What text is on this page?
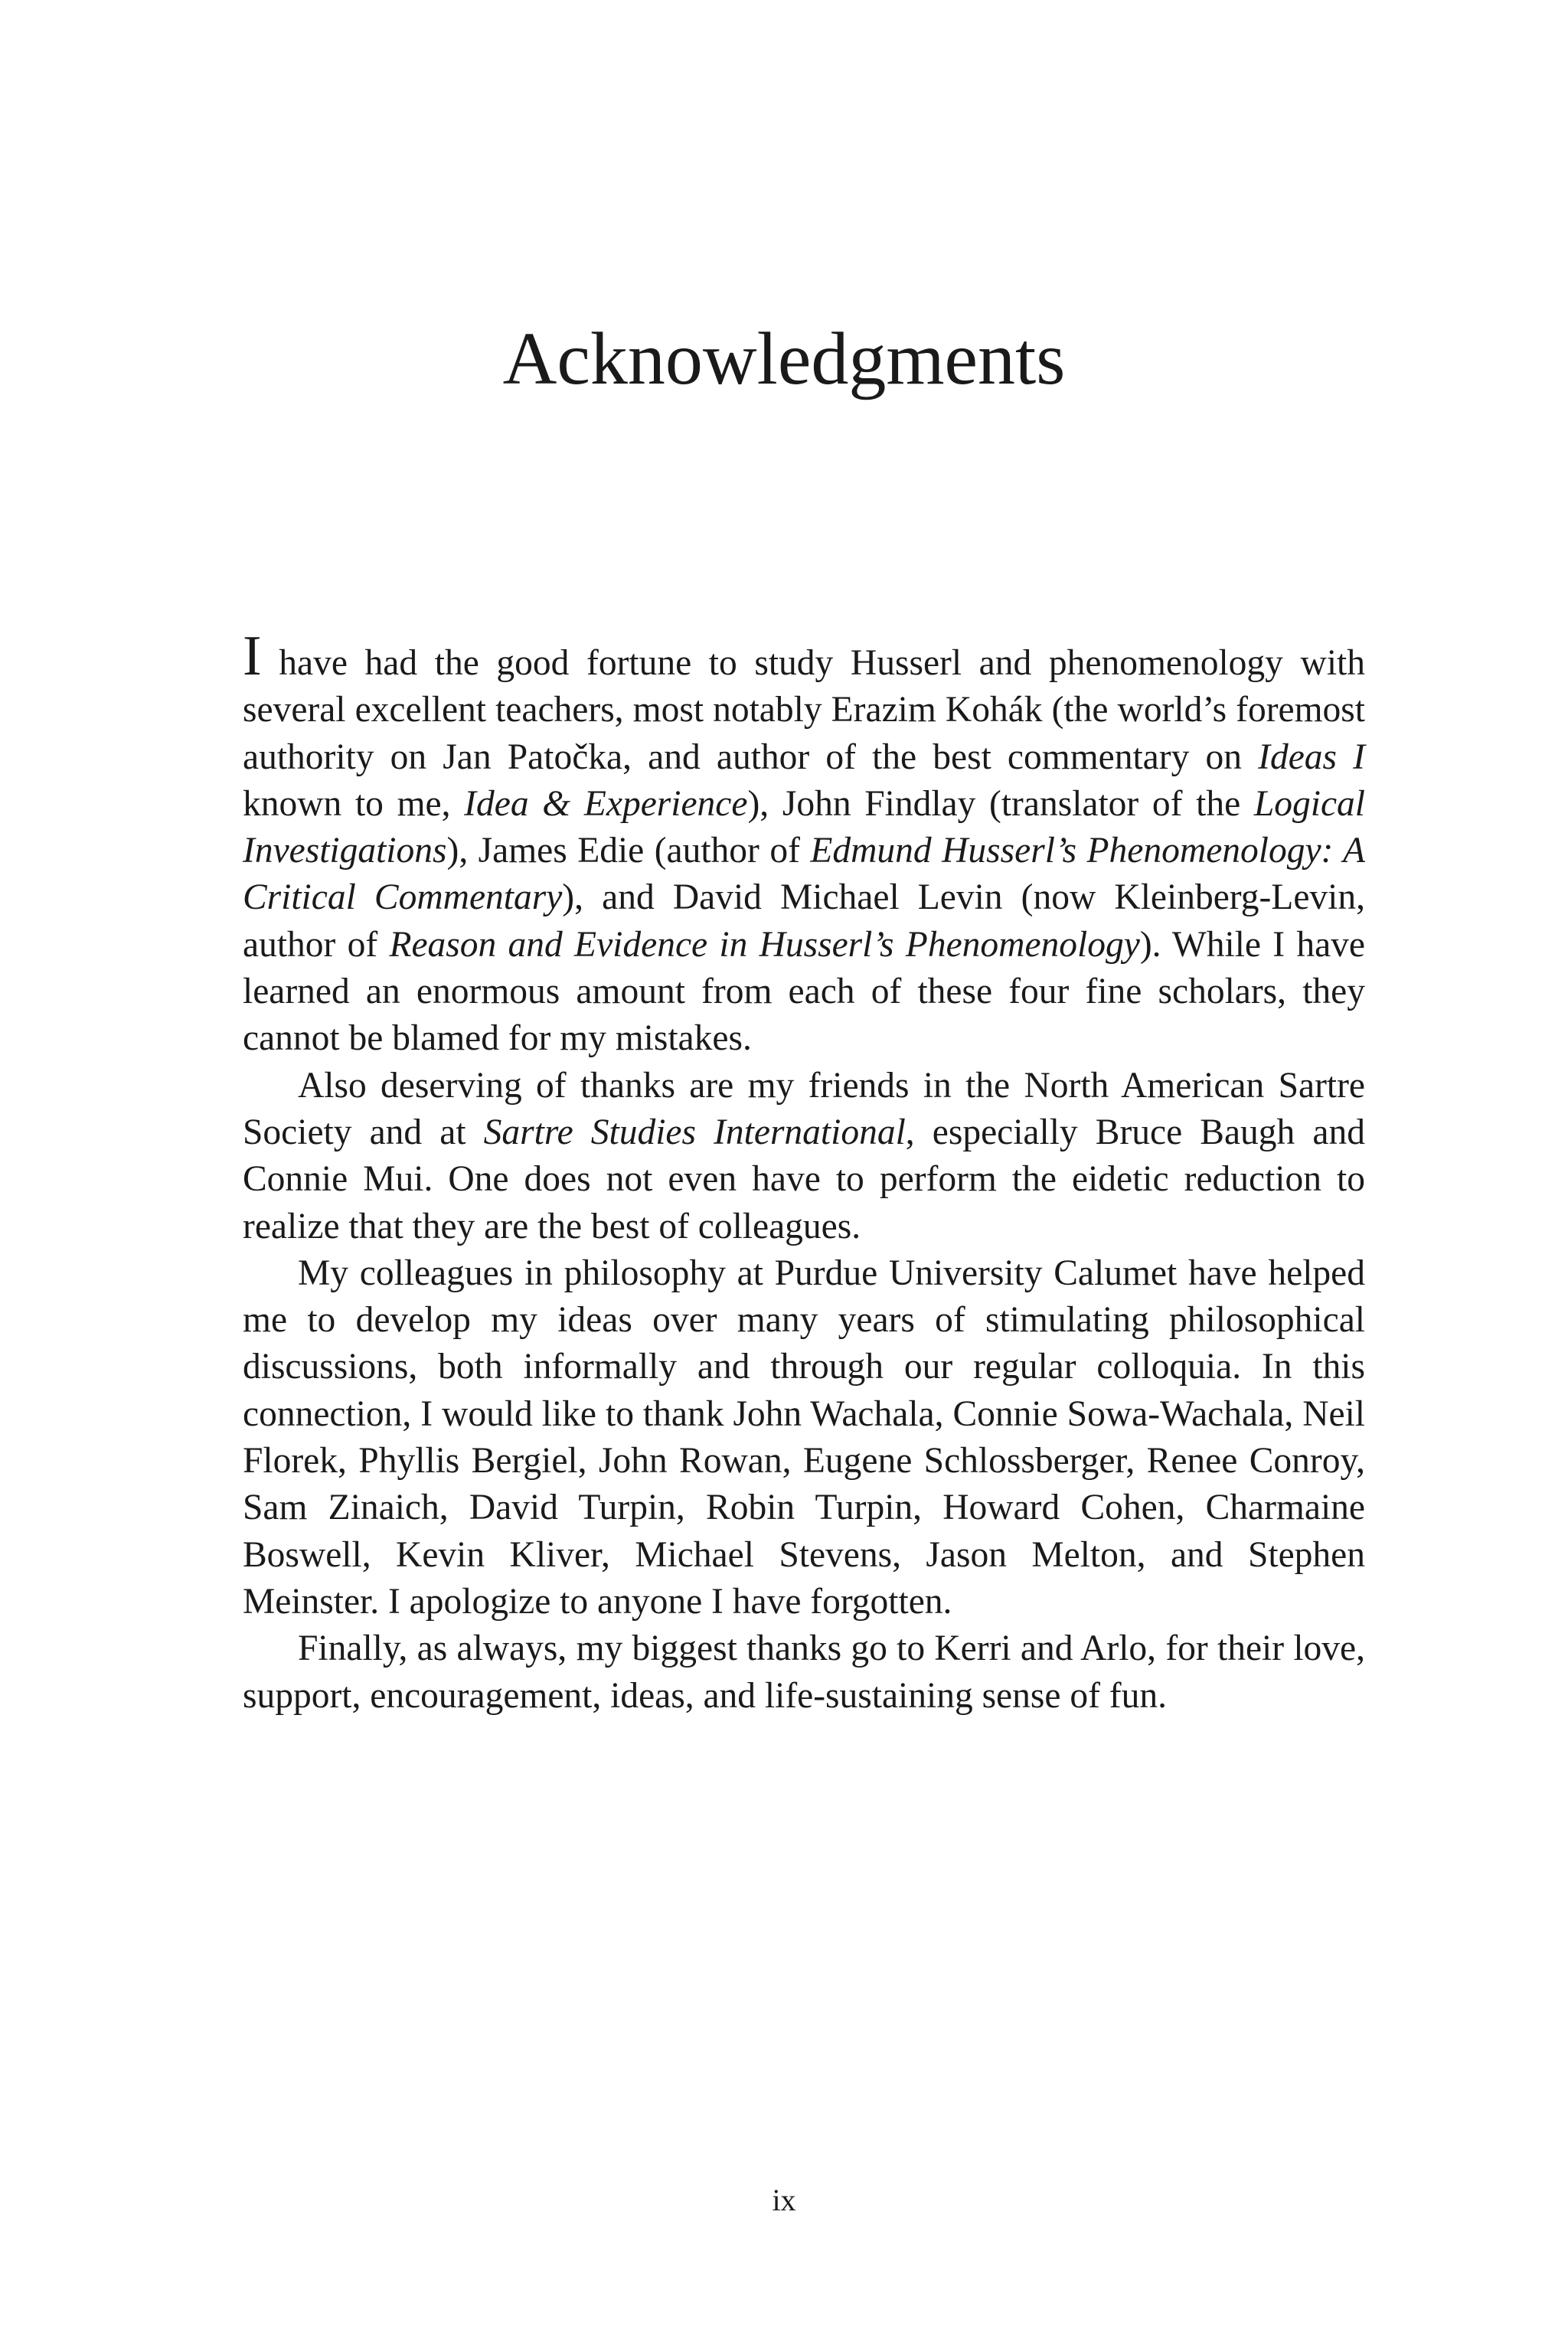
Acknowledgments

I have had the good fortune to study Husserl and phenomenology with several excellent teachers, most notably Erazim Kohák (the world’s foremost authority on Jan Patočka, and author of the best commentary on Ideas I known to me, Idea & Experience), John Findlay (translator of the Logical Investigations), James Edie (author of Edmund Husserl’s Phenomenology: A Critical Commentary), and David Michael Levin (now Kleinberg-Levin, author of Reason and Evidence in Husserl’s Phenomenology). While I have learned an enormous amount from each of these four fine scholars, they cannot be blamed for my mistakes.

Also deserving of thanks are my friends in the North American Sartre Society and at Sartre Studies International, especially Bruce Baugh and Connie Mui. One does not even have to perform the eidetic reduction to realize that they are the best of colleagues.

My colleagues in philosophy at Purdue University Calumet have helped me to develop my ideas over many years of stimulating philosophical discussions, both informally and through our regular colloquia. In this connection, I would like to thank John Wachala, Connie Sowa-Wachala, Neil Florek, Phyllis Bergiel, John Rowan, Eugene Schlossberger, Renee Conroy, Sam Zinaich, David Turpin, Robin Turpin, Howard Cohen, Charmaine Boswell, Kevin Kliver, Michael Stevens, Jason Melton, and Stephen Meinster. I apologize to anyone I have forgotten.

Finally, as always, my biggest thanks go to Kerri and Arlo, for their love, support, encouragement, ideas, and life-sustaining sense of fun.

ix
